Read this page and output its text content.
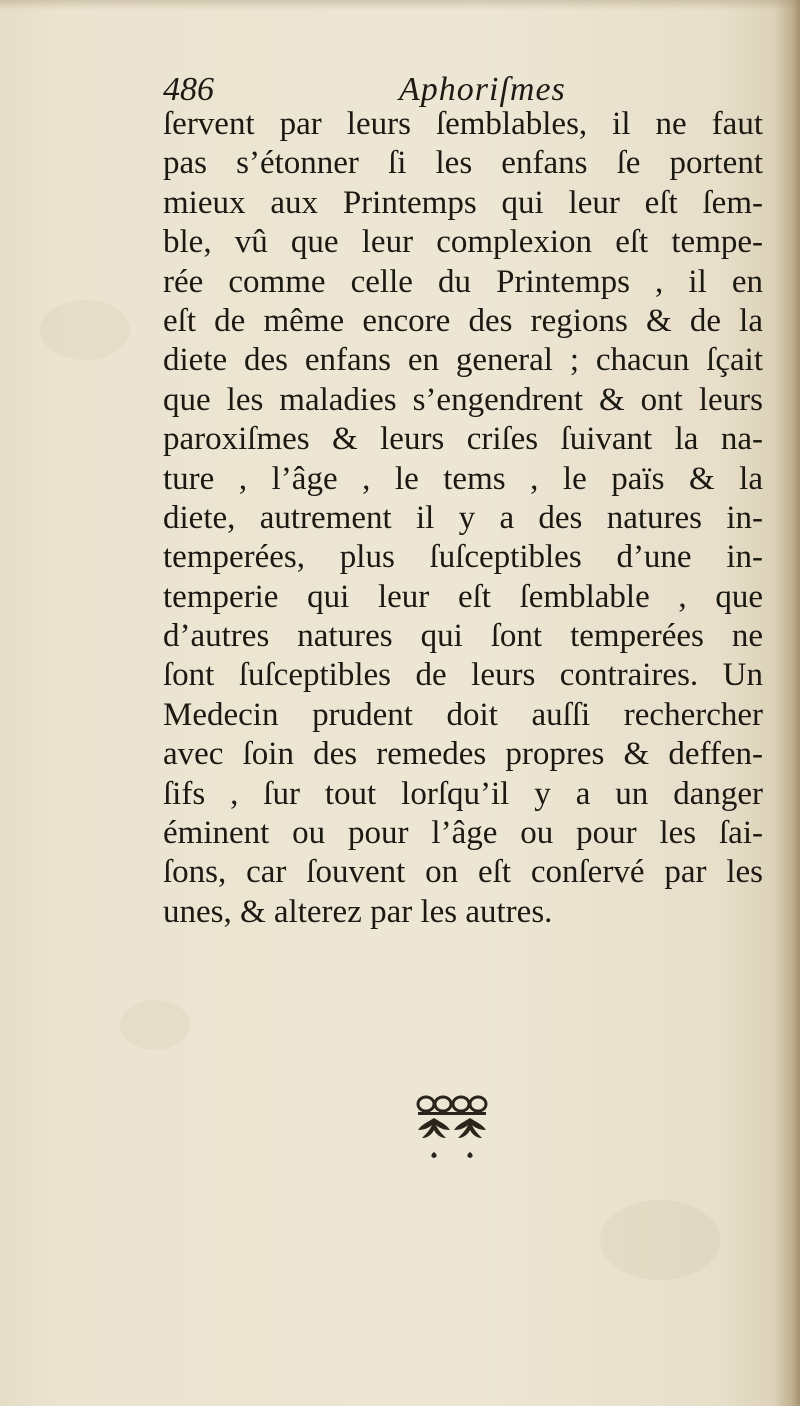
486	Aphoriſmes
ſervent par leurs ſemblables, il ne faut
pas s’étonner ſi les enfans ſe portent
mieux aux Printemps qui leur eſt ſem-
ble, vû que leur complexion eſt tempe-
rée comme celle du Printemps , il en
eſt de même encore des regions & de la
diete des enfans en general ; chacun ſçait
que les maladies s’engendrent & ont leurs
paroxiſmes & leurs criſes ſuivant la na-
ture , l’âge , le tems , le païs & la
diete, autrement il y a des natures in-
temperées, plus ſuſceptibles d’une in-
temperie qui leur eſt ſemblable , que
d’autres natures qui ſont temperées ne
ſont ſuſceptibles de leurs contraires. Un
Medecin prudent doit auſſi rechercher
avec ſoin des remedes propres & deffen-
ſifs , ſur tout lorſqu’il y a un danger
éminent ou pour l’âge ou pour les ſai-
ſons, car ſouvent on eſt conſervé par les
unes, & alterez par les autres.
